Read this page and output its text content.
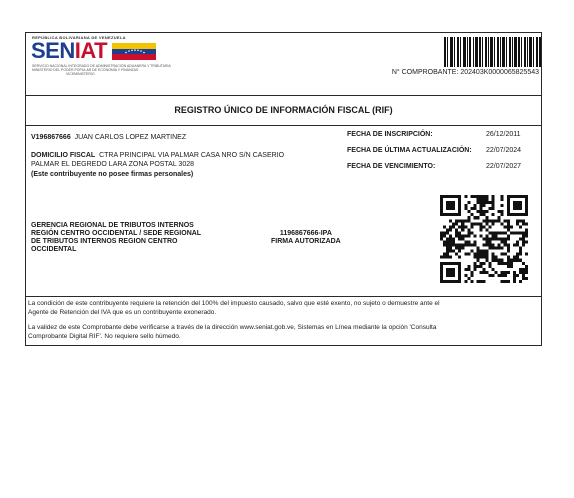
REPÚBLICA BOLIVARIANA DE VENEZUELA
SENIAT
SERVICIO NACIONAL INTEGRADO DE ADMINISTRACIÓN ADUANERA Y TRIBUTARIA
MINISTERIO DEL PODER POPULAR DE ECONOMÍA Y FINANZAS
VICEMINISTERIO	N° COMPROBANTE: 202403K0000065825543
REGISTRO ÚNICO DE INFORMACIÓN FISCAL (RIF)
V196867666 JUAN CARLOS LOPEZ MARTINEZ
DOMICILIO FISCAL CTRA PRINCIPAL VIA PALMAR CASA NRO S/N CASERIO
PALMAR EL DEGREDO LARA ZONA POSTAL 3028
(Este contribuyente no posee firmas personales)
FECHA DE INSCRIPCIÓN:	26/12/2011
FECHA DE ÚLTIMA ACTUALIZACIÓN: 22/07/2024
FECHA DE VENCIMIENTO:	22/07/2027
GERENCIA REGIONAL DE TRIBUTOS INTERNOS
REGIÓN CENTRO OCCIDENTAL / SEDE REGIONAL
DE TRIBUTOS INTERNOS REGION CENTRO
OCCIDENTAL
1196867666-IPA
FIRMA AUTORIZADA

La condición de este contribuyente requiere la retención del 100% del impuesto causado, salvo que esté exento, no sujeto o demuestre ante el
Agente de Retención del IVA que es un contribuyente exonerado.

La validez de este Comprobante debe verificarse a través de la dirección www.seniat.gob.ve, Sistemas en Línea mediante la opción 'Consulta
Comprobante Digital RIF'. No requiere sello húmedo.
